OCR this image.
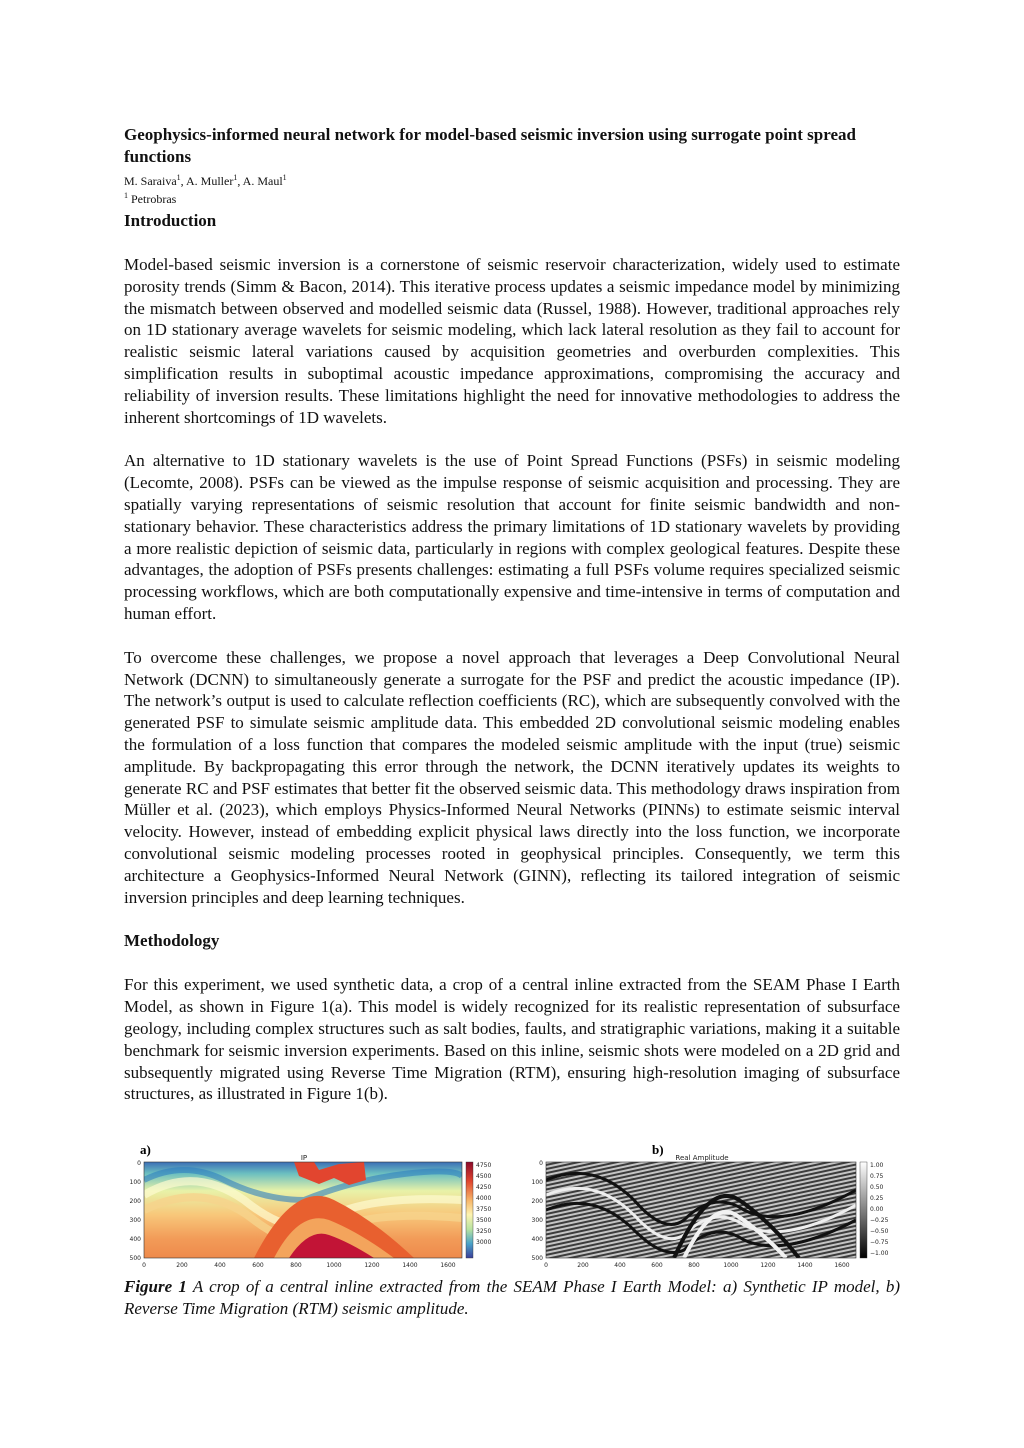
Geophysics-informed neural network for model-based seismic inversion using surrogate point spread functions

M. Saraiva$^1$, A. Muller$^1$, A. Maul$^1$
$^1$ Petrobras
Introduction

Model-based seismic inversion is a cornerstone of seismic reservoir characterization, widely used to estimate porosity trends (Simm & Bacon, 2014). This iterative process updates a seismic impedance model by minimizing the mismatch between observed and modelled seismic data (Russel, 1988). However, traditional approaches rely on 1D stationary average wavelets for seismic modeling, which lack lateral resolution as they fail to account for realistic seismic lateral variations caused by acquisition geometries and overburden complexities. This simplification results in suboptimal acoustic impedance approximations, compromising the accuracy and reliability of inversion results. These limitations highlight the need for innovative methodologies to address the inherent shortcomings of 1D wavelets.

An alternative to 1D stationary wavelets is the use of Point Spread Functions (PSFs) in seismic modeling (Lecomte, 2008). PSFs can be viewed as the impulse response of seismic acquisition and processing. They are spatially varying representations of seismic resolution that account for finite seismic bandwidth and non-stationary behavior. These characteristics address the primary limitations of 1D stationary wavelets by providing a more realistic depiction of seismic data, particularly in regions with complex geological features. Despite these advantages, the adoption of PSFs presents challenges: estimating a full PSFs volume requires specialized seismic processing workflows, which are both computationally expensive and time-intensive in terms of computation and human effort.

To overcome these challenges, we propose a novel approach that leverages a Deep Convolutional Neural Network (DCNN) to simultaneously generate a surrogate for the PSF and predict the acoustic impedance (IP). The network’s output is used to calculate reflection coefficients (RC), which are subsequently convolved with the generated PSF to simulate seismic amplitude data. This embedded 2D convolutional seismic modeling enables the formulation of a loss function that compares the modeled seismic amplitude with the input (true) seismic amplitude. By backpropagating this error through the network, the DCNN iteratively updates its weights to generate RC and PSF estimates that better fit the observed seismic data. This methodology draws inspiration from Müller et al. (2023), which employs Physics-Informed Neural Networks (PINNs) to estimate seismic interval velocity. However, instead of embedding explicit physical laws directly into the loss function, we incorporate convolutional seismic modeling processes rooted in geophysical principles. Consequently, we term this architecture a Geophysics-Informed Neural Network (GINN), reflecting its tailored integration of seismic inversion principles and deep learning techniques.

Methodology

For this experiment, we used synthetic data, a crop of a central inline extracted from the SEAM Phase I Earth Model, as shown in Figure 1(a). This model is widely recognized for its realistic representation of subsurface geology, including complex structures such as salt bodies, faults, and stratigraphic variations, making it a suitable benchmark for seismic inversion experiments. Based on this inline, seismic shots were modeled on a 2D grid and subsequently migrated using Reverse Time Migration (RTM), ensuring high-resolution imaging of subsurface structures, as illustrated in Figure 1(b).

a)
IP
0
100
200
300
400
500
0	200	400	600	800	1000	1200	1400	1600
4750
4500
4250
4000
3750
3500
3250
3000
b)
Real Amplitude
0
100
200
300
400
500
0	200	400	600	800	1000	1200	1400	1600
1.00
0.75
0.50
0.25
0.00
−0.25
−0.50
−0.75
−1.00
Figure 1 A crop of a central inline extracted from the SEAM Phase I Earth Model: a) Synthetic IP model, b) Reverse Time Migration (RTM) seismic amplitude.
